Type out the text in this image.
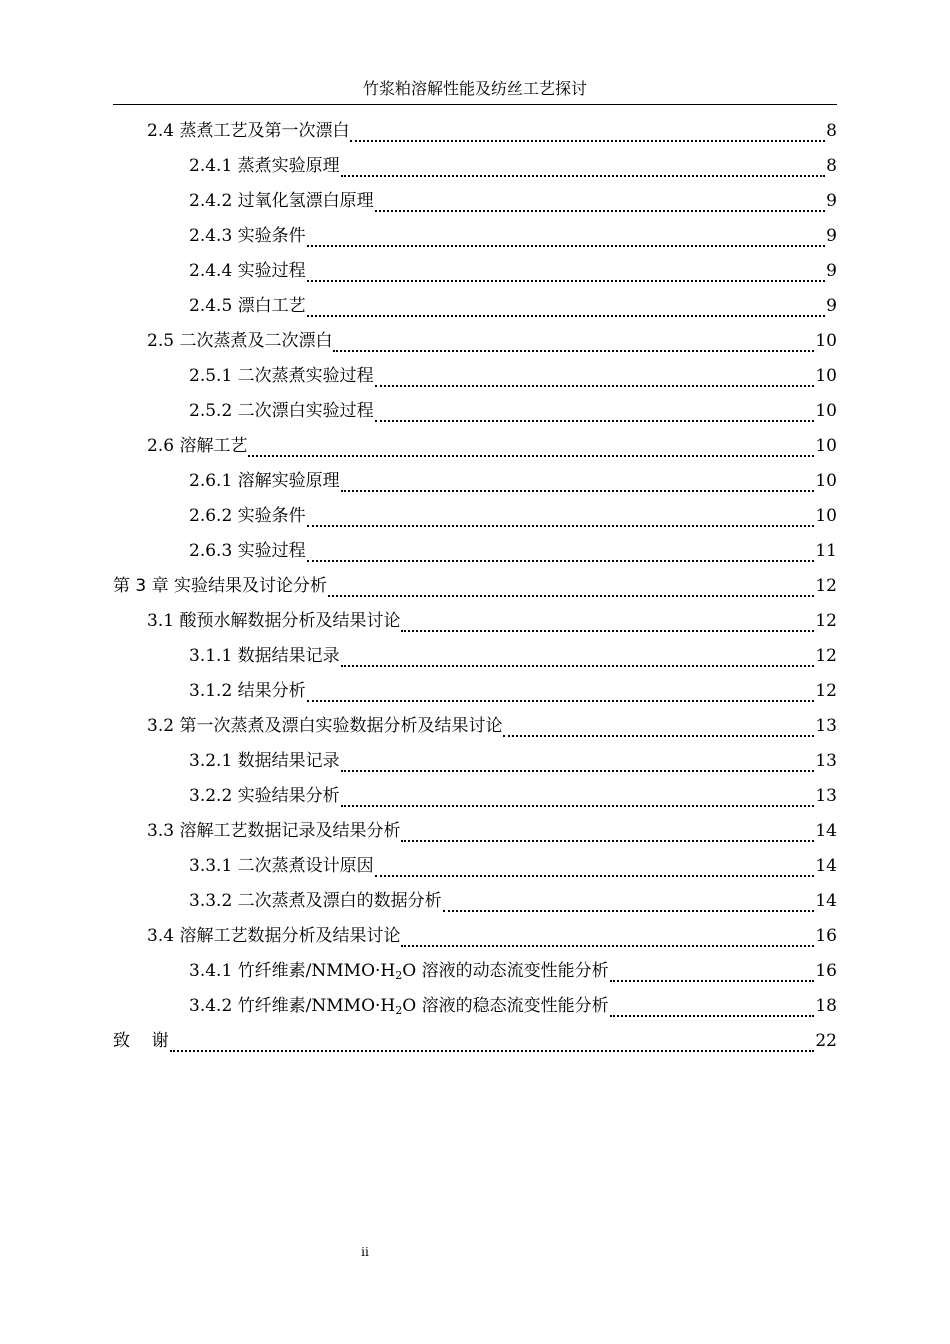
竹浆粕溶解性能及纺丝工艺探讨
2.4 蒸煮工艺及第一次漂白	8
2.4.1 蒸煮实验原理	8
2.4.2 过氧化氢漂白原理	9
2.4.3 实验条件	9
2.4.4 实验过程	9
2.4.5 漂白工艺	9
2.5 二次蒸煮及二次漂白	10
2.5.1 二次蒸煮实验过程	10
2.5.2 二次漂白实验过程	10
2.6 溶解工艺	10
2.6.1 溶解实验原理	10
2.6.2 实验条件	10
2.6.3 实验过程	11
第 3 章 实验结果及讨论分析	12
3.1 酸预水解数据分析及结果讨论	12
3.1.1 数据结果记录	12
3.1.2 结果分析	12
3.2 第一次蒸煮及漂白实验数据分析及结果讨论	13
3.2.1 数据结果记录	13
3.2.2 实验结果分析	13
3.3 溶解工艺数据记录及结果分析	14
3.3.1 二次蒸煮设计原因	14
3.3.2 二次蒸煮及漂白的数据分析	14
3.4 溶解工艺数据分析及结果讨论	16
3.4.1 竹纤维素$/NMMO\cdot H_2O$ 溶液的动态流变性能分析	16
3.4.2 竹纤维素$/NMMO\cdot H_2O$ 溶液的稳态流变性能分析	18
致    谢	22
ii
